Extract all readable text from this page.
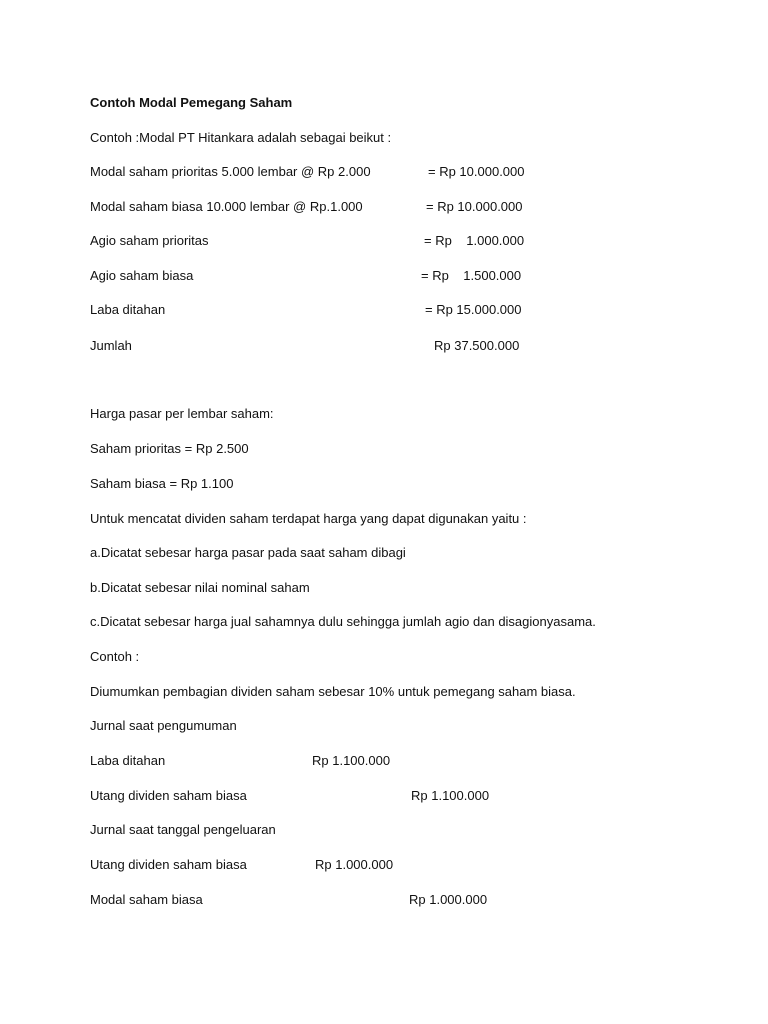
Contoh Modal Pemegang Saham
Contoh :Modal PT Hitankara adalah sebagai beikut :
Modal saham prioritas 5.000 lembar @ Rp 2.000	= Rp 10.000.000
Modal saham biasa 10.000 lembar @ Rp.1.000	= Rp 10.000.000
Agio saham prioritas	= Rp    1.000.000
Agio saham biasa	= Rp    1.500.000
Laba ditahan	= Rp 15.000.000
Jumlah	Rp 37.500.000
Harga pasar per lembar saham:
Saham prioritas = Rp 2.500
Saham biasa = Rp 1.100
Untuk mencatat dividen saham terdapat harga yang dapat digunakan yaitu :
a.Dicatat sebesar harga pasar pada saat saham dibagi
b.Dicatat sebesar nilai nominal saham
c.Dicatat sebesar harga jual sahamnya dulu sehingga jumlah agio dan disagionyasama.
Contoh :
Diumumkan pembagian dividen saham sebesar 10% untuk pemegang saham biasa.
Jurnal saat pengumuman
Laba ditahan	Rp 1.100.000
Utang dividen saham biasa	Rp 1.100.000
Jurnal saat tanggal pengeluaran
Utang dividen saham biasa	Rp 1.000.000
Modal saham biasa	Rp 1.000.000
